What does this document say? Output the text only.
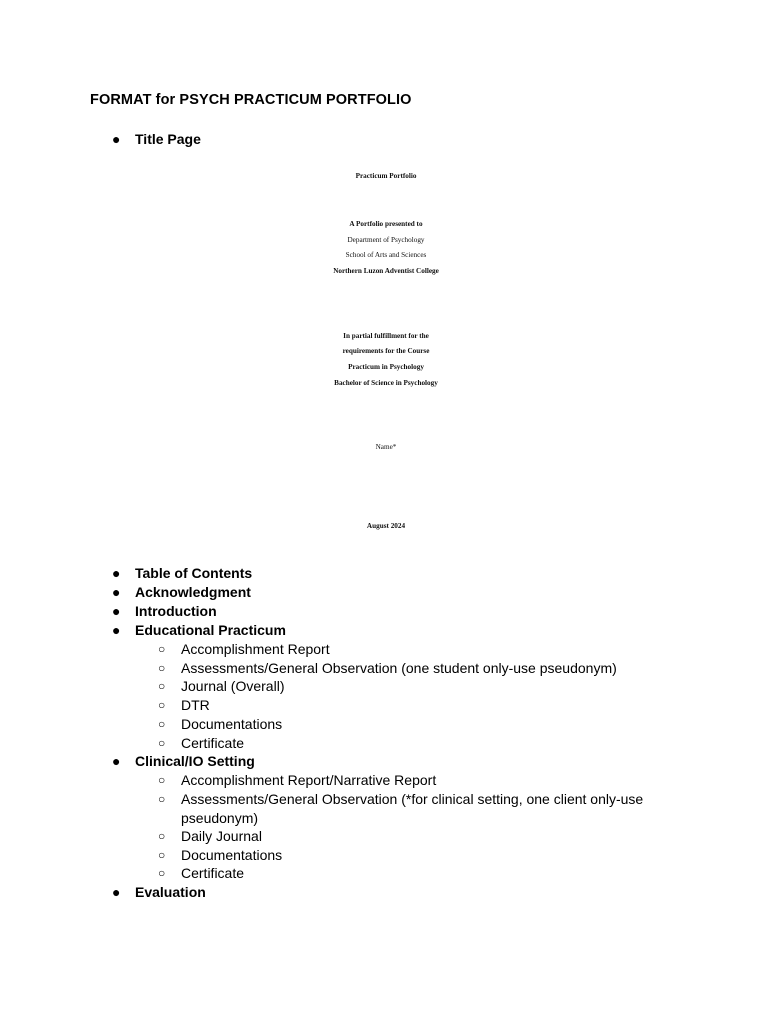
FORMAT for PSYCH PRACTICUM PORTFOLIO
● Title Page
Practicum Portfolio
A Portfolio presented to
Department of Psychology
School of Arts and Sciences
Northern Luzon Adventist College
In partial fulfillment for the
requirements for the Course
Practicum in Psychology
Bachelor of Science in Psychology
Name*
August 2024
● Table of Contents
● Acknowledgment
● Introduction
● Educational Practicum
○ Accomplishment Report
○ Assessments/General Observation (one student only-use pseudonym)
○ Journal (Overall)
○ DTR
○ Documentations
○ Certificate
● Clinical/IO Setting
○ Accomplishment Report/Narrative Report
○ Assessments/General Observation (*for clinical setting, one client only-use pseudonym)
○ Daily Journal
○ Documentations
○ Certificate
● Evaluation
